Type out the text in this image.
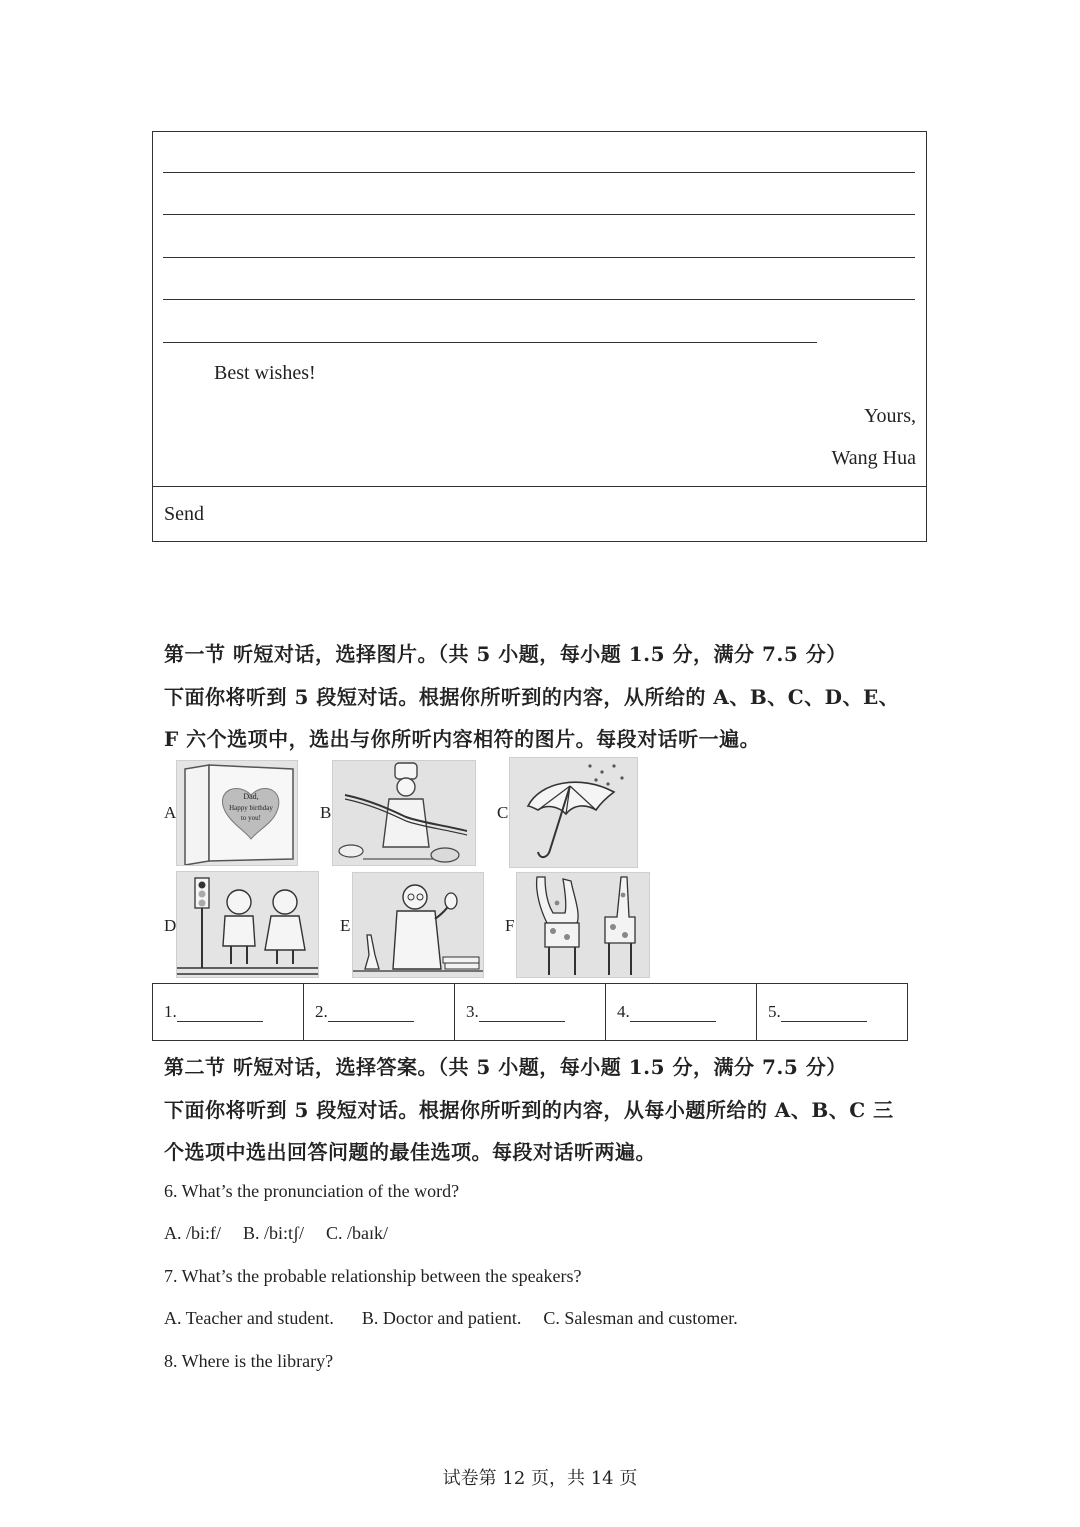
Best wishes!
Yours,
Wang Hua
Send
第一节 听短对话，选择图片。（共 5 小题，每小题 1.5 分，满分 7.5 分）
下面你将听到 5 段短对话。根据你所听到的内容，从所给的 A、B、C、D、E、
F 六个选项中，选出与你所听内容相符的图片。每段对话听一遍。
A
Dad,
Happy birthday
to you!	B	C
D	E	F
1.	2.	3.	4.	5.
第二节 听短对话，选择答案。（共 5 小题，每小题 1.5 分，满分 7.5 分）
下面你将听到 5 段短对话。根据你所听到的内容，从每小题所给的 A、B、C 三
个选项中选出回答问题的最佳选项。每段对话听两遍。
6. What’s the pronunciation of the word?
A. /bi:f/ B. /bi:tʃ/ C. /baɪk/
7. What’s the probable relationship between the speakers?
A. Teacher and student. B. Doctor and patient. C. Salesman and customer.
8. Where is the library?
试卷第 12 页，共 14 页
